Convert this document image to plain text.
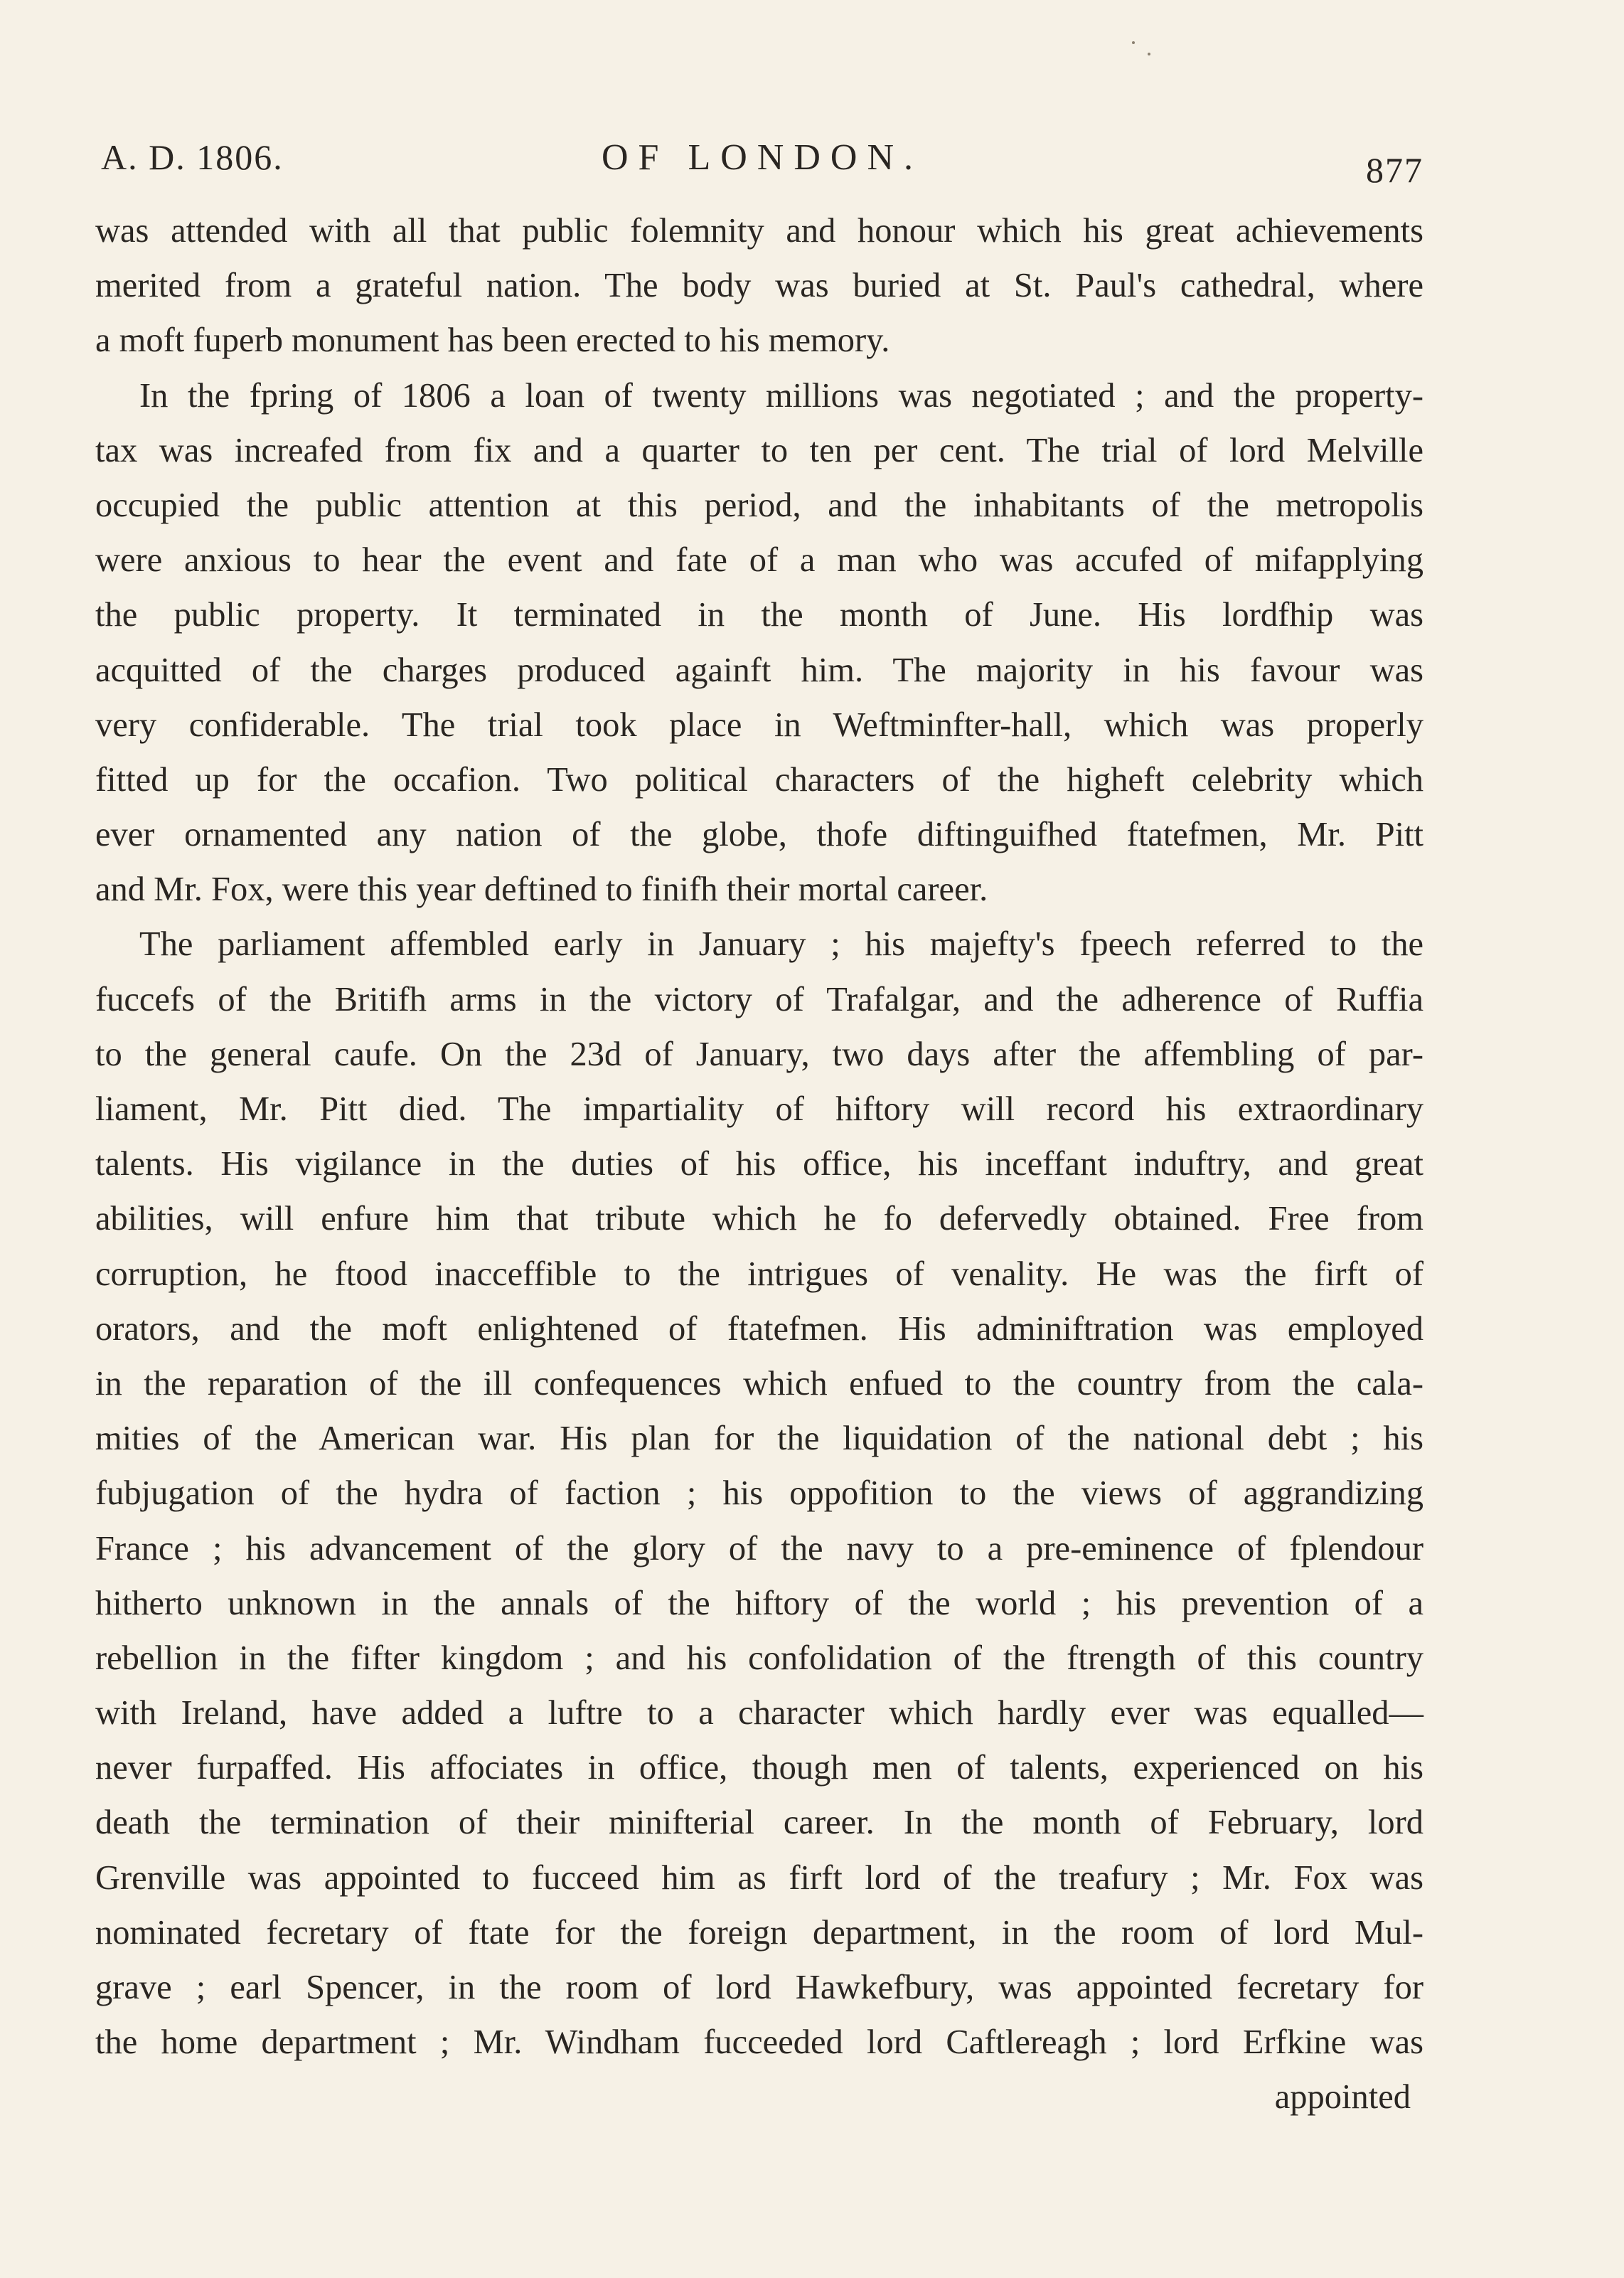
A. D. 1806.	OF LONDON.	877
was attended with all that public folemnity and honour which his great achievements
merited from a grateful nation. The body was buried at St. Paul's cathedral, where
a moft fuperb monument has been erected to his memory.
In the fpring of 1806 a loan of twenty millions was negotiated ; and the property-
tax was increafed from fix and a quarter to ten per cent. The trial of lord Melville
occupied the public attention at this period, and the inhabitants of the metropolis
were anxious to hear the event and fate of a man who was accufed of mifapplying
the public property. It terminated in the month of June. His lordfhip was
acquitted of the charges produced againft him. The majority in his favour was
very confiderable. The trial took place in Weftminfter-hall, which was properly
fitted up for the occafion. Two political characters of the higheft celebrity which
ever ornamented any nation of the globe, thofe diftinguifhed ftatefmen, Mr. Pitt
and Mr. Fox, were this year deftined to finifh their mortal career.
The parliament affembled early in January ; his majefty's fpeech referred to the
fuccefs of the Britifh arms in the victory of Trafalgar, and the adherence of Ruffia
to the general caufe. On the 23d of January, two days after the affembling of par-
liament, Mr. Pitt died. The impartiality of hiftory will record his extraordinary
talents. His vigilance in the duties of his office, his inceffant induftry, and great
abilities, will enfure him that tribute which he fo defervedly obtained. Free from
corruption, he ftood inacceffible to the intrigues of venality. He was the firft of
orators, and the moft enlightened of ftatefmen. His adminiftration was employed
in the reparation of the ill confequences which enfued to the country from the cala-
mities of the American war. His plan for the liquidation of the national debt ; his
fubjugation of the hydra of faction ; his oppofition to the views of aggrandizing
France ; his advancement of the glory of the navy to a pre-eminence of fplendour
hitherto unknown in the annals of the hiftory of the world ; his prevention of a
rebellion in the fifter kingdom ; and his confolidation of the ftrength of this country
with Ireland, have added a luftre to a character which hardly ever was equalled—
never furpaffed. His affociates in office, though men of talents, experienced on his
death the termination of their minifterial career. In the month of February, lord
Grenville was appointed to fucceed him as firft lord of the treafury ; Mr. Fox was
nominated fecretary of ftate for the foreign department, in the room of lord Mul-
grave ; earl Spencer, in the room of lord Hawkefbury, was appointed fecretary for
the home department ; Mr. Windham fucceeded lord Caftlereagh ; lord Erfkine was
appointed
